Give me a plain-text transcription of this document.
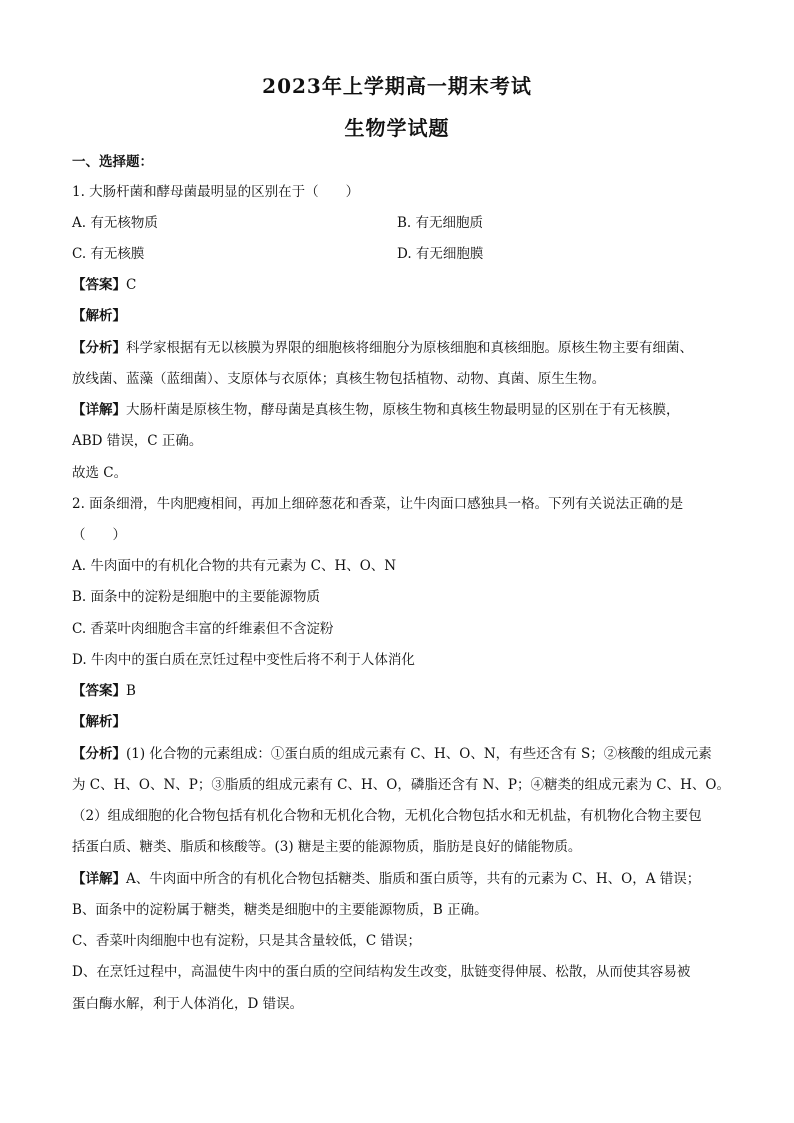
2023年上学期高一期末考试
生物学试题
一、选择题：
1. 大肠杆菌和酵母菌最明显的区别在于（　　）
A. 有无核物质	B. 有无细胞质
C. 有无核膜	D. 有无细胞膜
【答案】C
【解析】
【分析】科学家根据有无以核膜为界限的细胞核将细胞分为原核细胞和真核细胞。原核生物主要有细菌、
放线菌、蓝藻（蓝细菌）、支原体与衣原体；真核生物包括植物、动物、真菌、原生生物。
【详解】大肠杆菌是原核生物，酵母菌是真核生物，原核生物和真核生物最明显的区别在于有无核膜，
ABD 错误，C 正确。
故选 C。
2. 面条细滑，牛肉肥瘦相间，再加上细碎葱花和香菜，让牛肉面口感独具一格。下列有关说法正确的是
（　　）
A. 牛肉面中的有机化合物的共有元素为 C、H、O、N
B. 面条中的淀粉是细胞中的主要能源物质
C. 香菜叶肉细胞含丰富的纤维素但不含淀粉
D. 牛肉中的蛋白质在烹饪过程中变性后将不利于人体消化
【答案】B
【解析】
【分析】(1) 化合物的元素组成：①蛋白质的组成元素有 C、H、O、N，有些还含有 S；②核酸的组成元素
为 C、H、O、N、P；③脂质的组成元素有 C、H、O，磷脂还含有 N、P；④糖类的组成元素为 C、H、O。
（2）组成细胞的化合物包括有机化合物和无机化合物，无机化合物包括水和无机盐，有机物化合物主要包
括蛋白质、糖类、脂质和核酸等。(3) 糖是主要的能源物质，脂肪是良好的储能物质。
【详解】A、牛肉面中所含的有机化合物包括糖类、脂质和蛋白质等，共有的元素为 C、H、O，A 错误；
B、面条中的淀粉属于糖类，糖类是细胞中的主要能源物质，B 正确。
C、香菜叶肉细胞中也有淀粉，只是其含量较低，C 错误；
D、在烹饪过程中，高温使牛肉中的蛋白质的空间结构发生改变，肽链变得伸展、松散，从而使其容易被
蛋白酶水解，利于人体消化，D 错误。
